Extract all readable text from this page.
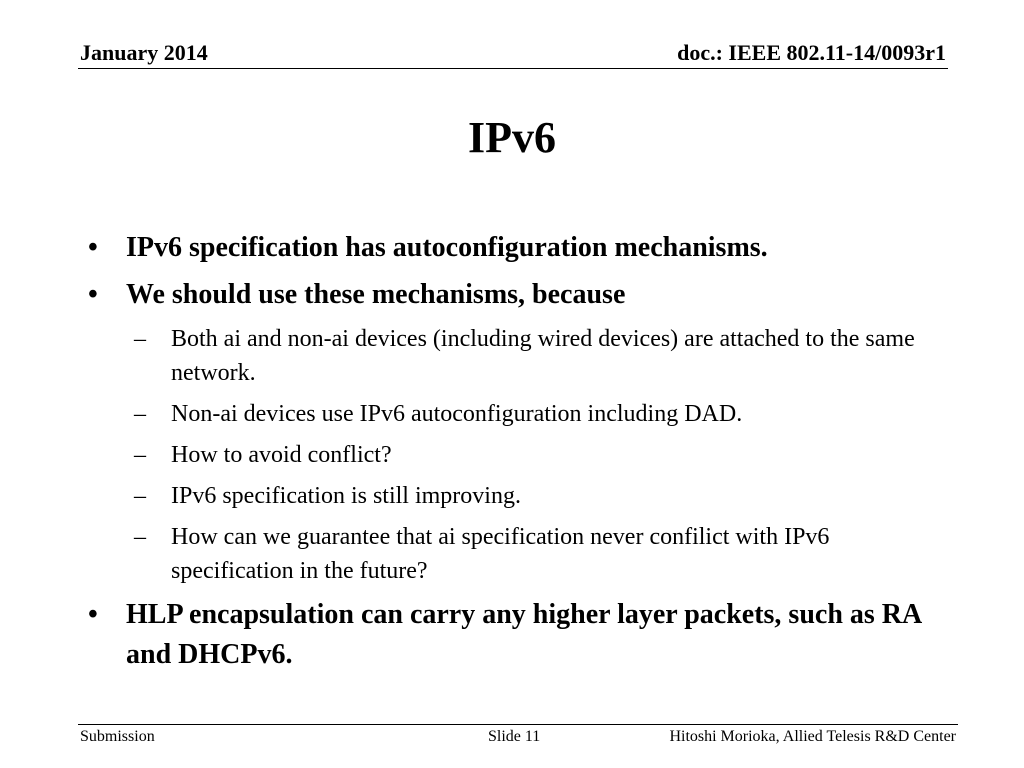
January 2014	doc.: IEEE 802.11-14/0093r1
IPv6
• IPv6 specification has autoconfiguration mechanisms.
• We should use these mechanisms, because
– Both ai and non-ai devices (including wired devices) are attached to the same network.
– Non-ai devices use IPv6 autoconfiguration including DAD.
– How to avoid conflict?
– IPv6 specification is still improving.
– How can we guarantee that ai specification never confilict with IPv6 specification in the future?
• HLP encapsulation can carry any higher layer packets, such as RA and DHCPv6.
Submission	Slide 11	Hitoshi Morioka, Allied Telesis R&D Center
